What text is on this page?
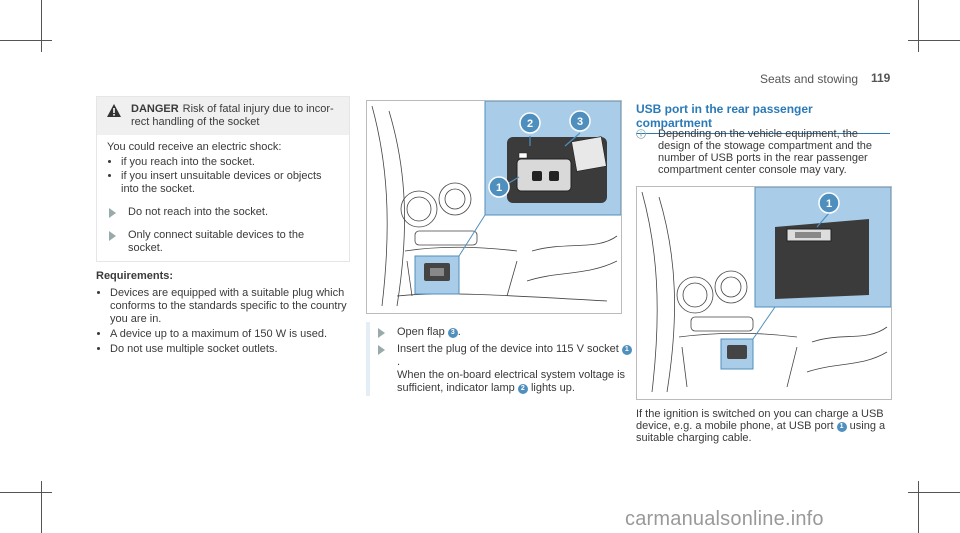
Seats and stowing 119
DANGER Risk of fatal injury due to incor-rect handling of the socket
You could receive an electric shock:
• if you reach into the socket.
• if you insert unsuitable devices or objects into the socket.
Do not reach into the socket.
Only connect suitable devices to the socket.
Requirements:
• Devices are equipped with a suitable plug which conforms to the standards specific to the country you are in.
• A device up to a maximum of 150 W is used.
• Do not use multiple socket outlets.
2	3
1
Open flap 3 .
Insert the plug of the device into 115 V socket 1.
When the on-board electrical system voltage is sufficient, indicator lamp 2 lights up.
USB port in the rear passenger compartment
Depending on the vehicle equipment, the design of the stowage compartment and the number of USB ports in the rear passenger compartment center console may vary.
1
If the ignition is switched on you can charge a USB device, e.g. a mobile phone, at USB port 1 using a suitable charging cable.
carmanualsonline.info
